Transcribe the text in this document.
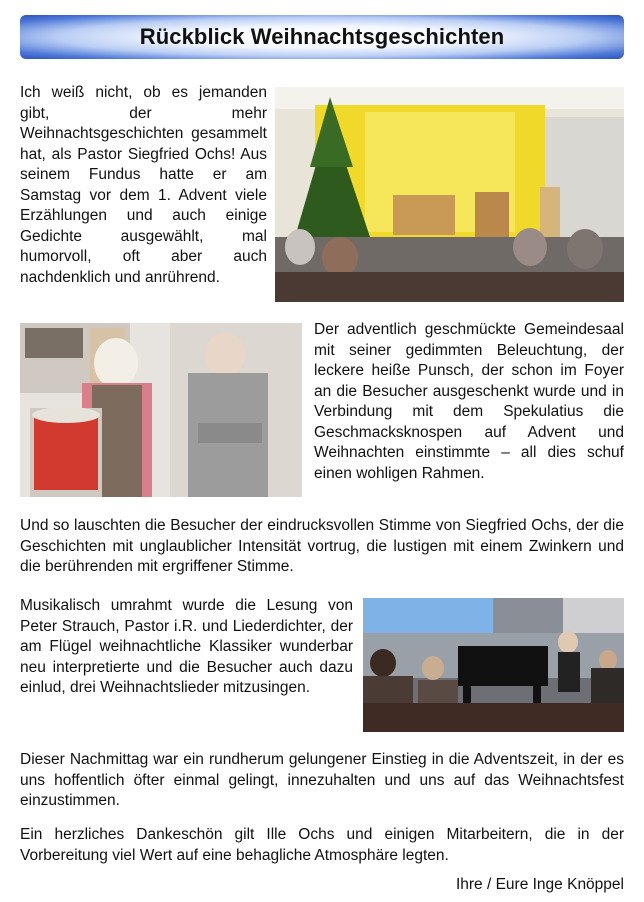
Rückblick Weihnachtsgeschichten

Ich weiß nicht, ob es jemanden gibt, der mehr Weihnachtsgeschichten gesammelt hat, als Pastor Siegfried Ochs! Aus seinem Fundus hatte er am Samstag vor dem 1. Advent viele Erzählungen und auch einige Gedichte ausgewählt, mal humorvoll, oft aber auch nachdenklich und anrührend.

Der adventlich geschmückte Gemeindesaal mit seiner gedimmten Beleuchtung, der leckere heiße Punsch, der schon im Foyer an die Besucher ausgeschenkt wurde und in Verbindung mit dem Spekulatius die Geschmacksknospen auf Advent und Weihnachten einstimmte – all dies schuf einen wohligen Rahmen.

Und so lauschten die Besucher der eindrucksvollen Stimme von Siegfried Ochs, der die Geschichten mit unglaublicher Intensität vortrug, die lustigen mit einem Zwinkern und die berührenden mit ergriffener Stimme.

Musikalisch umrahmt wurde die Lesung von Peter Strauch, Pastor i.R. und Liederdichter, der am Flügel weihnachtliche Klassiker wunderbar neu interpretierte und die Besucher auch dazu einlud, drei Weihnachtslieder mitzusingen.

Dieser Nachmittag war ein rundherum gelungener Einstieg in die Adventszeit, in der es uns hoffentlich öfter einmal gelingt, innezuhalten und uns auf das Weihnachtsfest einzustimmen.

Ein herzliches Dankeschön gilt Ille Ochs und einigen Mitarbeitern, die in der Vorbereitung viel Wert auf eine behagliche Atmosphäre legten.

Ihre / Eure Inge Knöppel
